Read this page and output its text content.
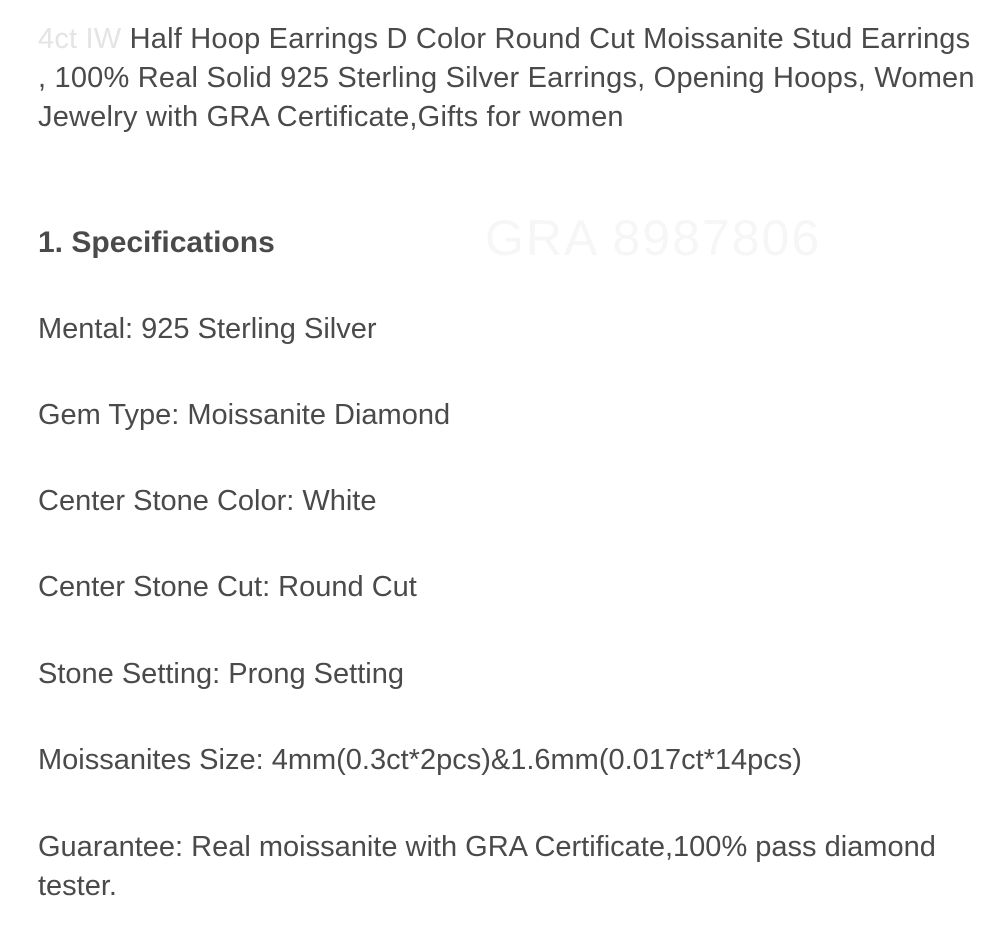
4ct IW Half Hoop Earrings D Color Round Cut Moissanite Stud Earrings , 100% Real Solid 925 Sterling Silver Earrings, Opening Hoops, Women Jewelry with GRA Certificate,Gifts for women

GRA 8987806
1. Specifications

Mental: 925 Sterling Silver

Gem Type: Moissanite Diamond

Center Stone Color: White

Center Stone Cut: Round Cut

Stone Setting: Prong Setting

Moissanites Size: 4mm(0.3ct*2pcs)&1.6mm(0.017ct*14pcs)

Guarantee: Real moissanite with GRA Certificate,100% pass diamond tester.
